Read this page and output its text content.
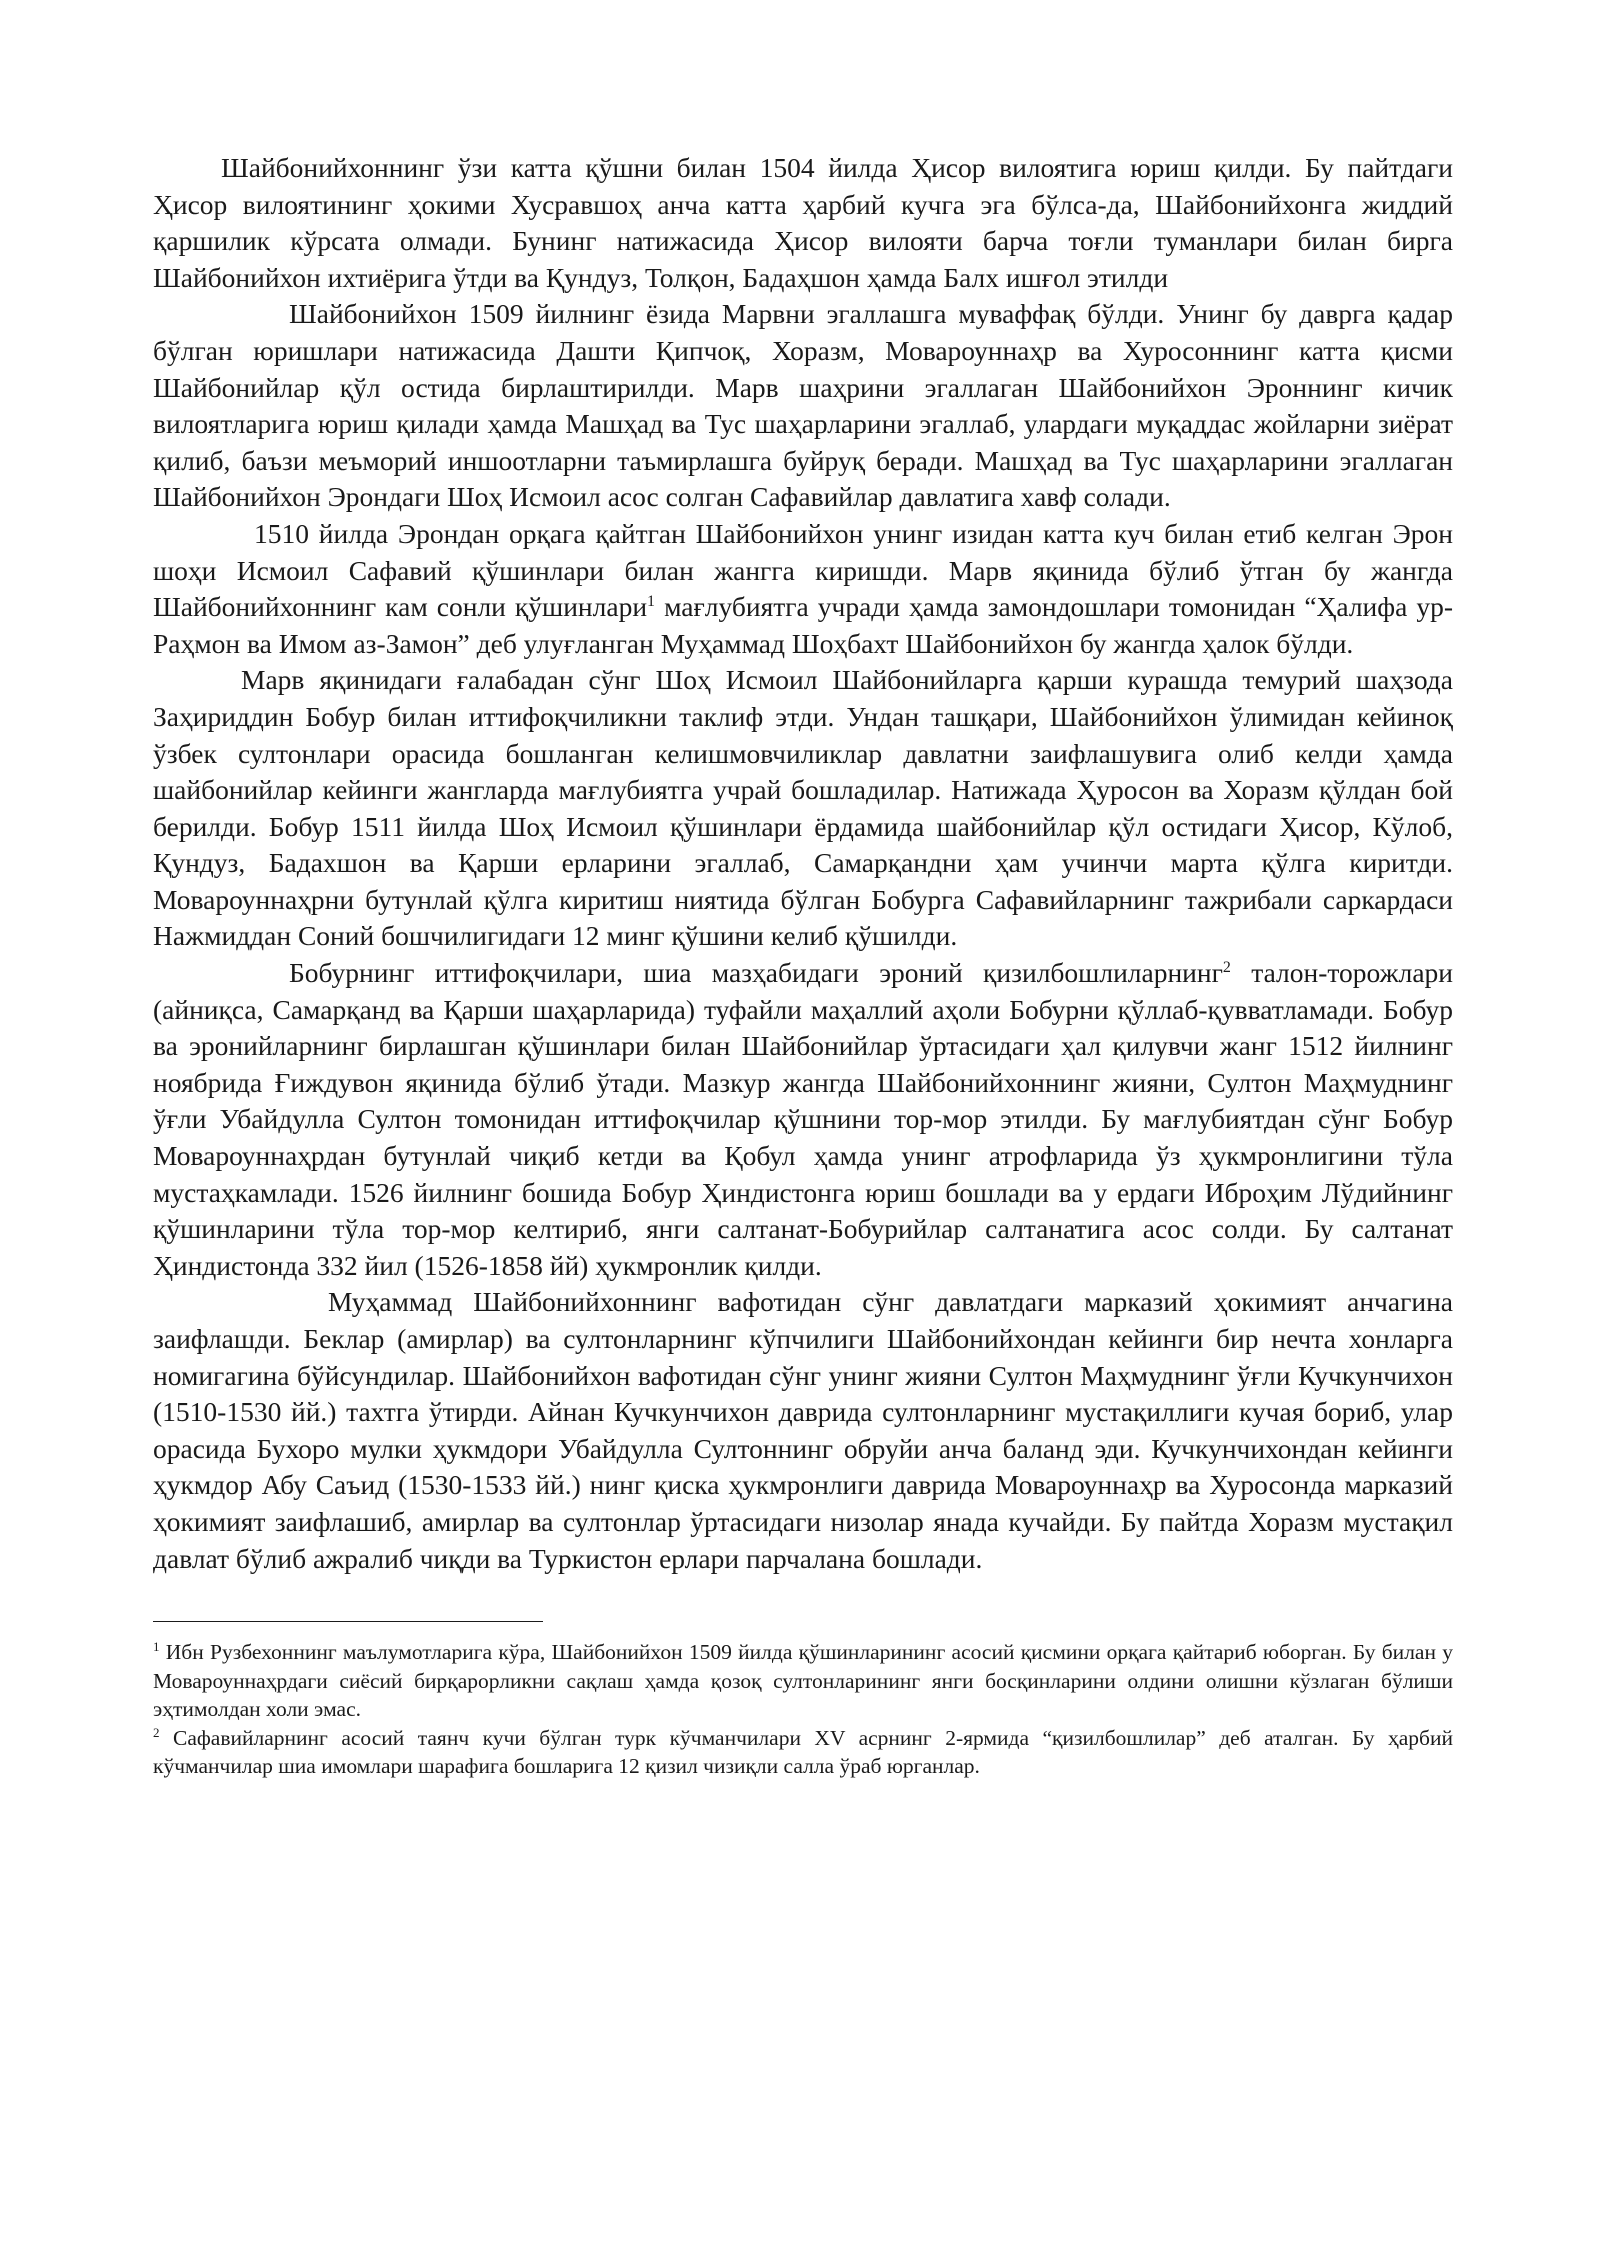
Шайбонийхоннинг ўзи катта қўшни билан 1504 йилда Ҳисор вилоятига юриш қилди. Бу пайтдаги Ҳисор вилоятининг ҳокими Хусравшоҳ анча катта ҳарбий кучга эга бўлса-да, Шайбонийхонга жиддий қаршилик кўрсата олмади. Бунинг натижасида Ҳисор вилояти барча тоғли туманлари билан бирга Шайбонийхон ихтиёрига ўтди ва Қундуз, Толқон, Бадаҳшон ҳамда Балх ишғол этилди

Шайбонийхон 1509 йилнинг ёзида Марвни эгаллашга муваффақ бўлди. Унинг бу даврга қадар бўлган юришлари натижасида Дашти Қипчоқ, Хоразм, Мовароуннаҳр ва Хуросоннинг катта қисми Шайбонийлар қўл остида бирлаштирилди. Марв шаҳрини эгаллаган Шайбонийхон Эроннинг кичик вилоятларига юриш қилади ҳамда Машҳад ва Тус шаҳарларини эгаллаб, улардаги муқаддас жойларни зиёрат қилиб, баъзи меъморий иншоотларни таъмирлашга буйруқ беради. Машҳад ва Тус шаҳарларини эгаллаган Шайбонийхон Эрондаги Шоҳ Исмоил асос солган Сафавийлар давлатига хавф солади.

1510 йилда Эрондан орқага қайтган Шайбонийхон унинг изидан катта куч билан етиб келган Эрон шоҳи Исмоил Сафавий қўшинлари билан жангга киришди. Марв яқинида бўлиб ўтган бу жангда Шайбонийхоннинг кам сонли қўшинлари$^1$ мағлубиятга учради ҳамда замондошлари томонидан “Ҳалифа ур-Раҳмон ва Имом аз-Замон” деб улуғланган Муҳаммад Шоҳбахт Шайбонийхон бу жангда ҳалок бўлди.

Марв яқинидаги ғалабадан сўнг Шоҳ Исмоил Шайбонийларга қарши курашда темурий шаҳзода Заҳириддин Бобур билан иттифоқчиликни таклиф этди. Ундан ташқари, Шайбонийхон ўлимидан кейиноқ ўзбек султонлари орасида бошланган келишмовчиликлар давлатни заифлашувига олиб келди ҳамда шайбонийлар кейинги жангларда мағлубиятга учрай бошладилар. Натижада Ҳуросон ва Хоразм қўлдан бой берилди. Бобур 1511 йилда Шоҳ Исмоил қўшинлари ёрдамида шайбонийлар қўл остидаги Ҳисор, Кўлоб, Қундуз, Бадахшон ва Қарши ерларини эгаллаб, Самарқандни ҳам учинчи марта қўлга киритди. Мовароуннаҳрни бутунлай қўлга киритиш ниятида бўлган Бобурга Сафавийларнинг тажрибали саркардаси Нажмиддан Соний бошчилигидаги 12 минг қўшини келиб қўшилди.

Бобурнинг иттифоқчилари, шиа мазҳабидаги эроний қизилбошлиларнинг$^2$ талон-торожлари (айниқса, Самарқанд ва Қарши шаҳарларида) туфайли маҳаллий аҳоли Бобурни қўллаб-қувватламади. Бобур ва эронийларнинг бирлашган қўшинлари билан Шайбонийлар ўртасидаги ҳал қилувчи жанг 1512 йилнинг ноябрида Ғиждувон яқинида бўлиб ўтади. Мазкур жангда Шайбонийхоннинг жияни, Султон Маҳмуднинг ўғли Убайдулла Султон томонидан иттифоқчилар қўшнини тор-мор этилди. Бу мағлубиятдан сўнг Бобур Мовароуннаҳрдан бутунлай чиқиб кетди ва Қобул ҳамда унинг атрофларида ўз ҳукмронлигини тўла мустаҳкамлади. 1526 йилнинг бошида Бобур Ҳиндистонга юриш бошлади ва у ердаги Иброҳим Лўдийнинг қўшинларини тўла тор-мор келтириб, янги салтанат-Бобурийлар салтанатига асос солди. Бу салтанат Ҳиндистонда 332 йил (1526-1858 йй) ҳукмронлик қилди.

Муҳаммад Шайбонийхоннинг вафотидан сўнг давлатдаги марказий ҳокимият анчагина заифлашди. Беклар (амирлар) ва султонларнинг кўпчилиги Шайбонийхондан кейинги бир нечта хонларга номигагина бўйсундилар. Шайбонийхон вафотидан сўнг унинг жияни Султон Маҳмуднинг ўғли Кучкунчихон (1510-1530 йй.) тахтга ўтирди. Айнан Кучкунчихон даврида султонларнинг мустақиллиги кучая бориб, улар орасида Бухоро мулки ҳукмдори Убайдулла Султоннинг обруйи анча баланд эди. Кучкунчихондан кейинги ҳукмдор Абу Саъид (1530-1533 йй.) нинг қиска ҳукмронлиги даврида Мовароуннаҳр ва Хуросонда марказий ҳокимият заифлашиб, амирлар ва султонлар ўртасидаги низолар янада кучайди. Бу пайтда Хоразм мустақил давлат бўлиб ажралиб чиқди ва Туркистон ерлари парчалана бошлади.

$^1$ Ибн Рузбехоннинг маълумотларига кўра, Шайбонийхон 1509 йилда қўшинларининг асосий қисмини орқага қайтариб юборган. Бу билан у Мовароуннаҳрдаги сиёсий бирқарорликни сақлаш ҳамда қозоқ султонларининг янги босқинларини олдини олишни кўзлаган бўлиши эҳтимолдан холи эмас.

$^2$ Сафавийларнинг асосий таянч кучи бўлган турк кўчманчилари XV асрнинг 2-ярмида “қизилбошлилар” деб аталган. Бу ҳарбий кўчманчилар шиа имомлари шарафига бошларига 12 қизил чизиқли салла ўраб юрганлар.
